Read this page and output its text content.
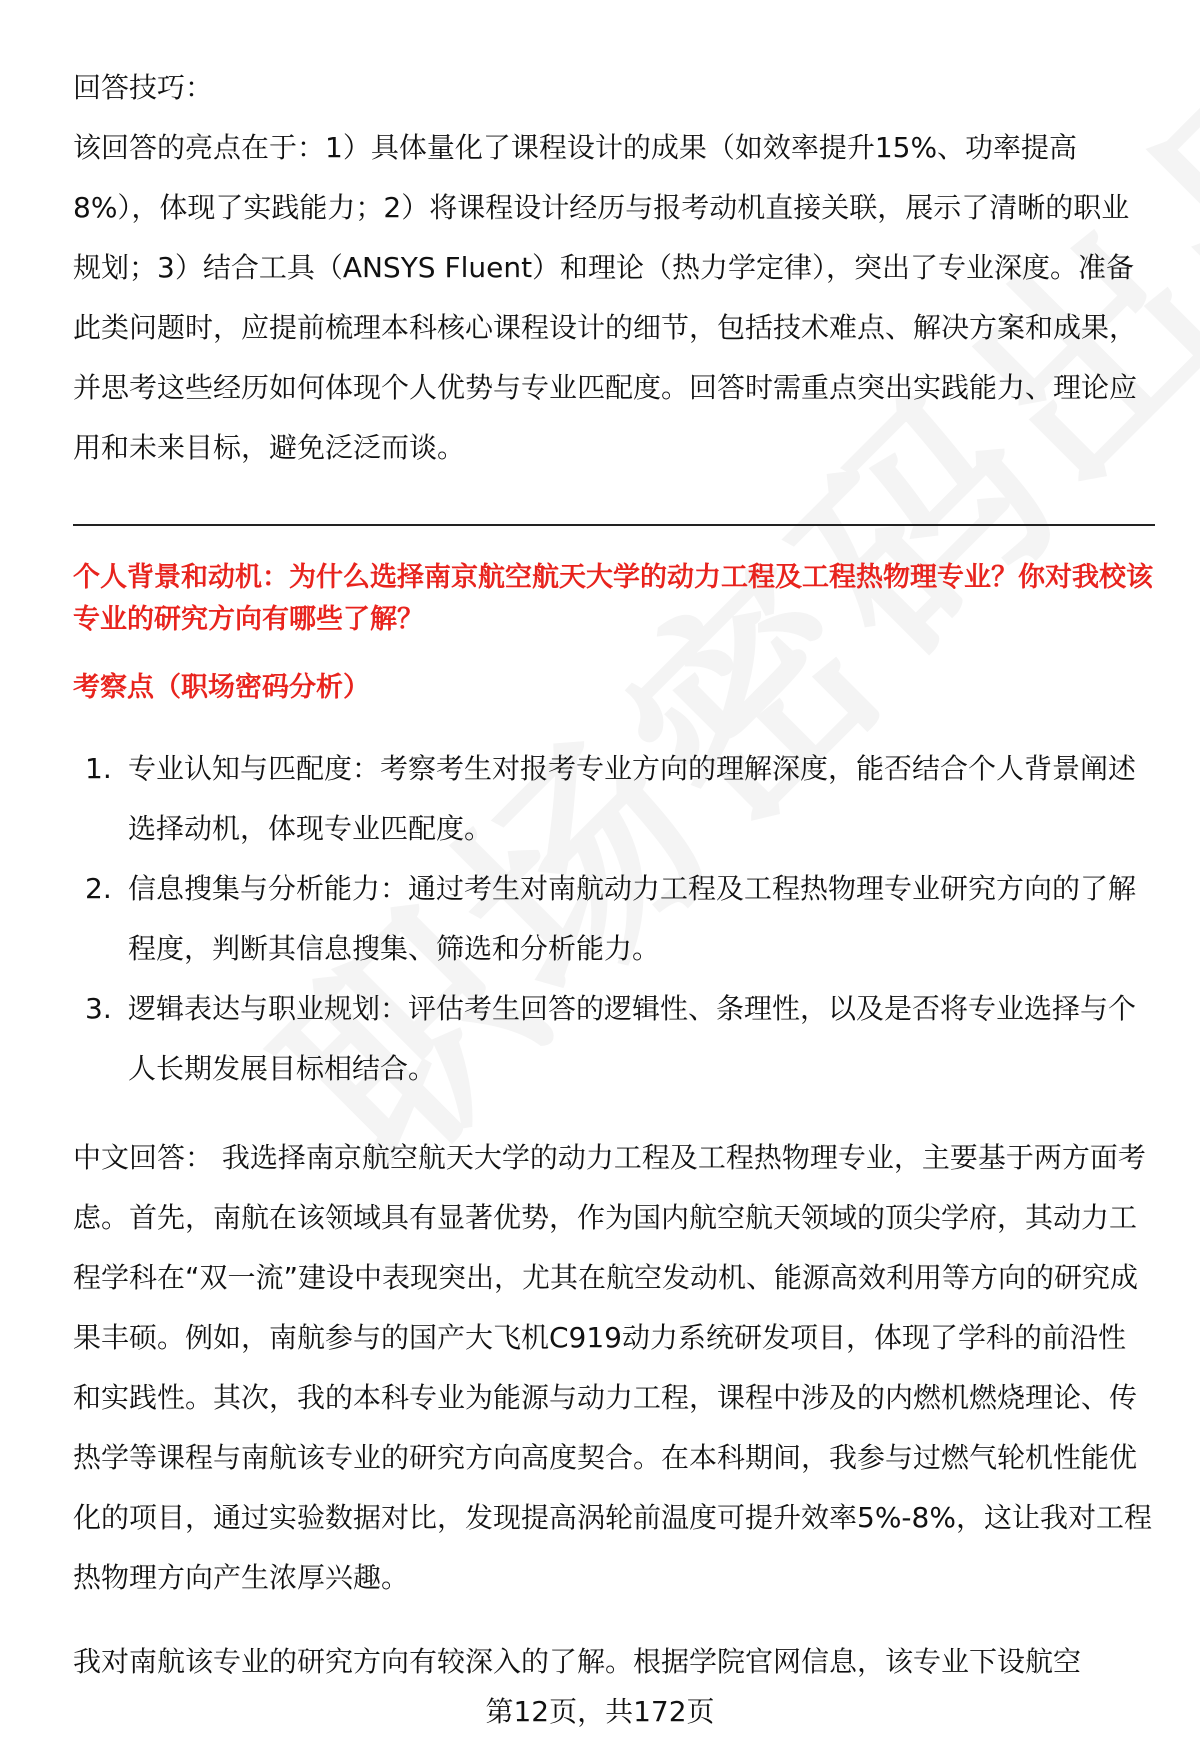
回答技巧：

该回答的亮点在于：1）具体量化了课程设计的成果（如效率提升15%、功率提高8%），体现了实践能力；2）将课程设计经历与报考动机直接关联，展示了清晰的职业规划；3）结合工具（ANSYS Fluent）和理论（热力学定律），突出了专业深度。准备此类问题时，应提前梳理本科核心课程设计的细节，包括技术难点、解决方案和成果，并思考这些经历如何体现个人优势与专业匹配度。回答时需重点突出实践能力、理论应用和未来目标，避免泛泛而谈。

个人背景和动机：为什么选择南京航空航天大学的动力工程及工程热物理专业？你对我校该专业的研究方向有哪些了解？
考察点（职场密码分析）
1. 专业认知与匹配度：考察考生对报考专业方向的理解深度，能否结合个人背景阐述选择动机，体现专业匹配度。
2. 信息搜集与分析能力：通过考生对南航动力工程及工程热物理专业研究方向的了解程度，判断其信息搜集、筛选和分析能力。
3. 逻辑表达与职业规划：评估考生回答的逻辑性、条理性，以及是否将专业选择与个人长期发展目标相结合。

中文回答： 我选择南京航空航天大学的动力工程及工程热物理专业，主要基于两方面考虑。首先，南航在该领域具有显著优势，作为国内航空航天领域的顶尖学府，其动力工程学科在“双一流”建设中表现突出，尤其在航空发动机、能源高效利用等方向的研究成果丰硕。例如，南航参与的国产大飞机C919动力系统研发项目，体现了学科的前沿性和实践性。其次，我的本科专业为能源与动力工程，课程中涉及的内燃机燃烧理论、传热学等课程与南航该专业的研究方向高度契合。在本科期间，我参与过燃气轮机性能优化的项目，通过实验数据对比，发现提高涡轮前温度可提升效率5%-8%，这让我对工程热物理方向产生浓厚兴趣。

我对南航该专业的研究方向有较深入的了解。根据学院官网信息，该专业下设航空

第12页，共172页
